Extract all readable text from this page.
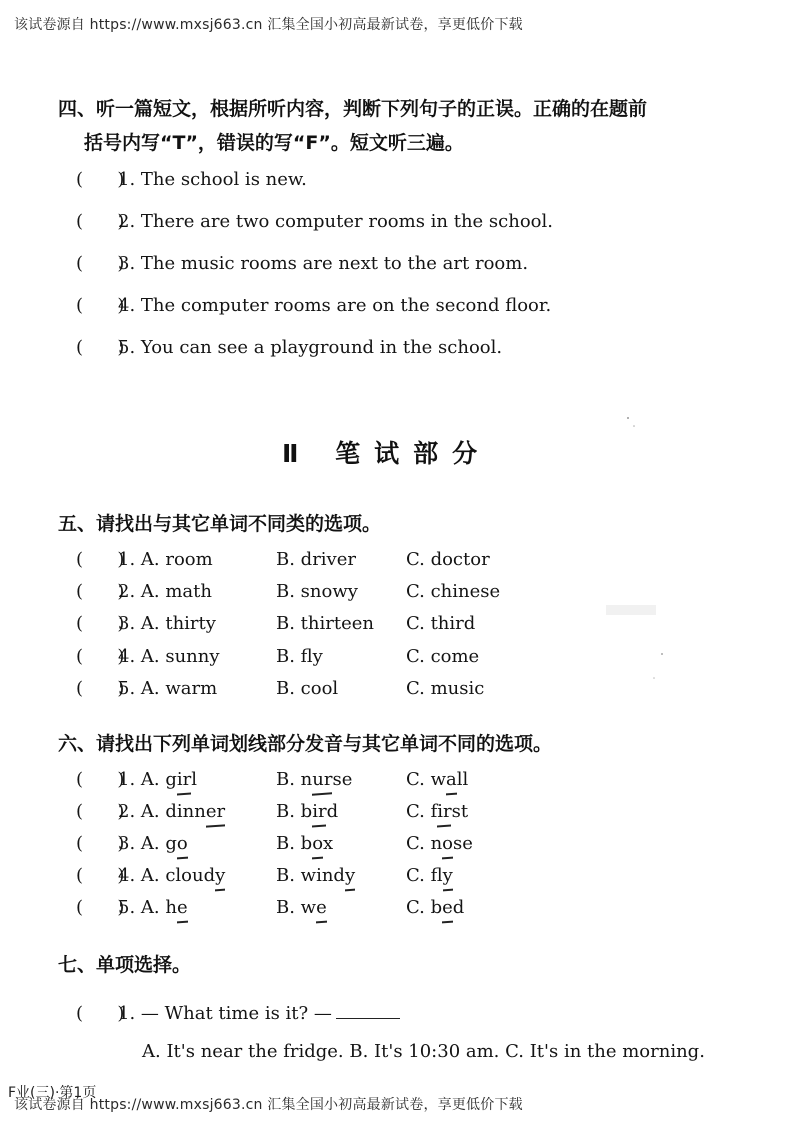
该试卷源自 https://www.mxsj663.cn 汇集全国小初高最新试卷，享更低价下载
四、听一篇短文，根据所听内容，判断下列句子的正误。正确的在题前
括号内写“T”，错误的写“F”。短文听三遍。
(      )
1. The school is new.
(      )
2. There are two computer rooms in the school.
(      )
3. The music rooms are next to the art room.
(      )
4. The computer rooms are on the second floor.
(      )
5. You can see a playground in the school.
Ⅱ 笔试部分
五、请找出与其它单词不同类的选项。
(      )
1. A. room	B. driver	C. doctor
(      )
2. A. math	B. snowy	C. chinese
(      )
3. A. thirty	B. thirteen C. third
(      )
4. A. sunny	B. fly	C. come
(      )
5. A. warm	B. cool	C. music
六、请找出下列单词划线部分发音与其它单词不同的选项。
(      )
1. A. girl	B. nurse	C. wall
(      )
2. A. dinner	B. bird	C. first
(      )
3. A. go	B. box	C. nose
(      )
4. A. cloudy	B. windy	C. fly
(      )
5. A. he	B. we	C. bed
七、单项选择。
(      )
1. — What time is it? —
A. It's near the fridge. B. It's 10:30 am. C. It's in the morning.
F业(三)·第1页
该试卷源自 https://www.mxsj663.cn 汇集全国小初高最新试卷，享更低价下载
